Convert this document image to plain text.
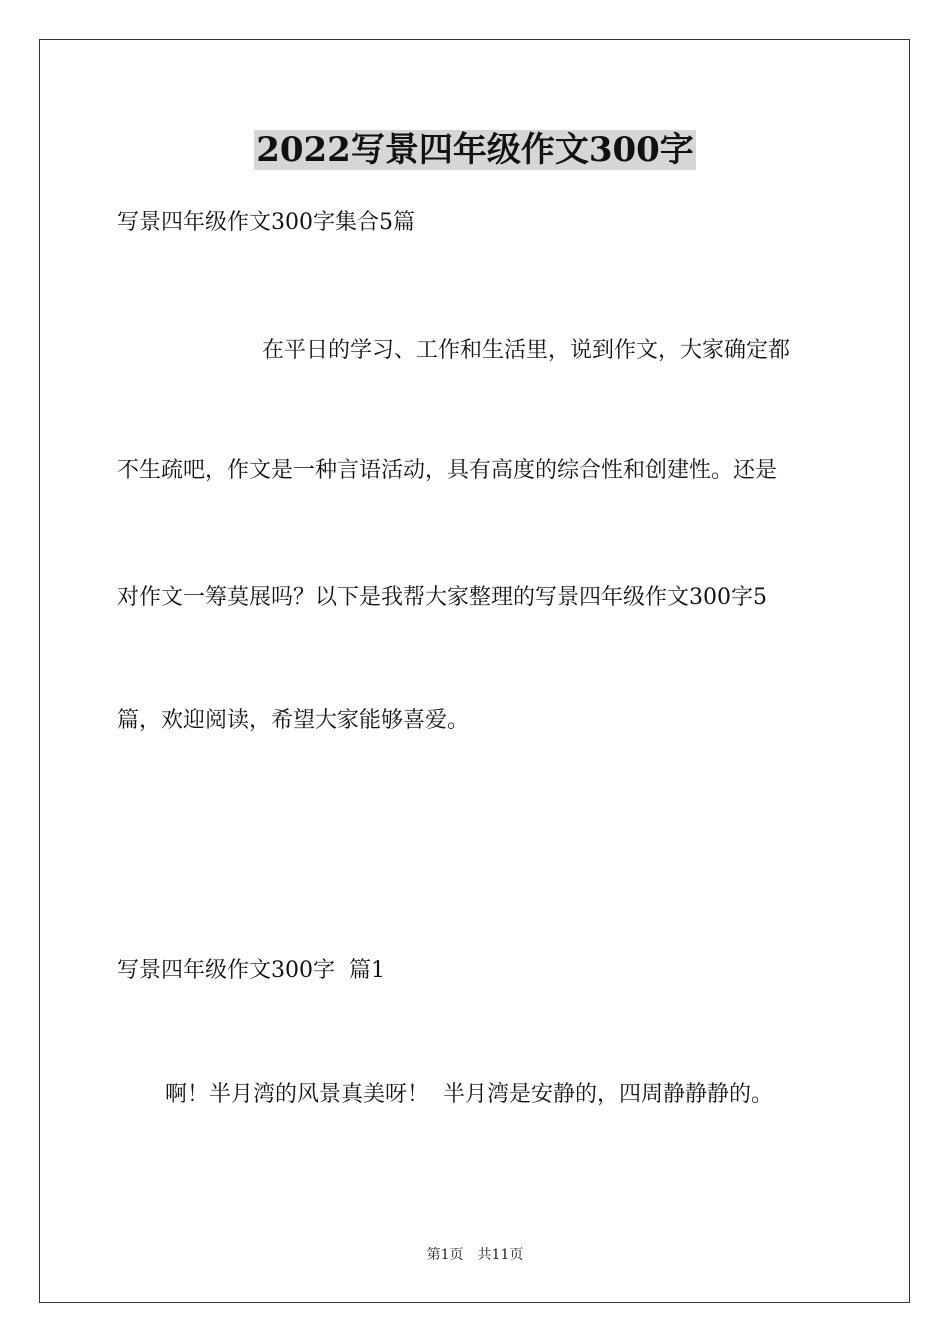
2022写景四年级作文300字
写景四年级作文300字集合5篇
在平日的学习、工作和生活里，说到作文，大家确定都
不生疏吧，作文是一种言语活动，具有高度的综合性和创建性。还是
对作文一筹莫展吗？以下是我帮大家整理的写景四年级作文300字5
篇，欢迎阅读，希望大家能够喜爱。
写景四年级作文300字  篇1
啊！半月湾的风景真美呀！  半月湾是安静的，四周静静静的。
第1页 共11页
